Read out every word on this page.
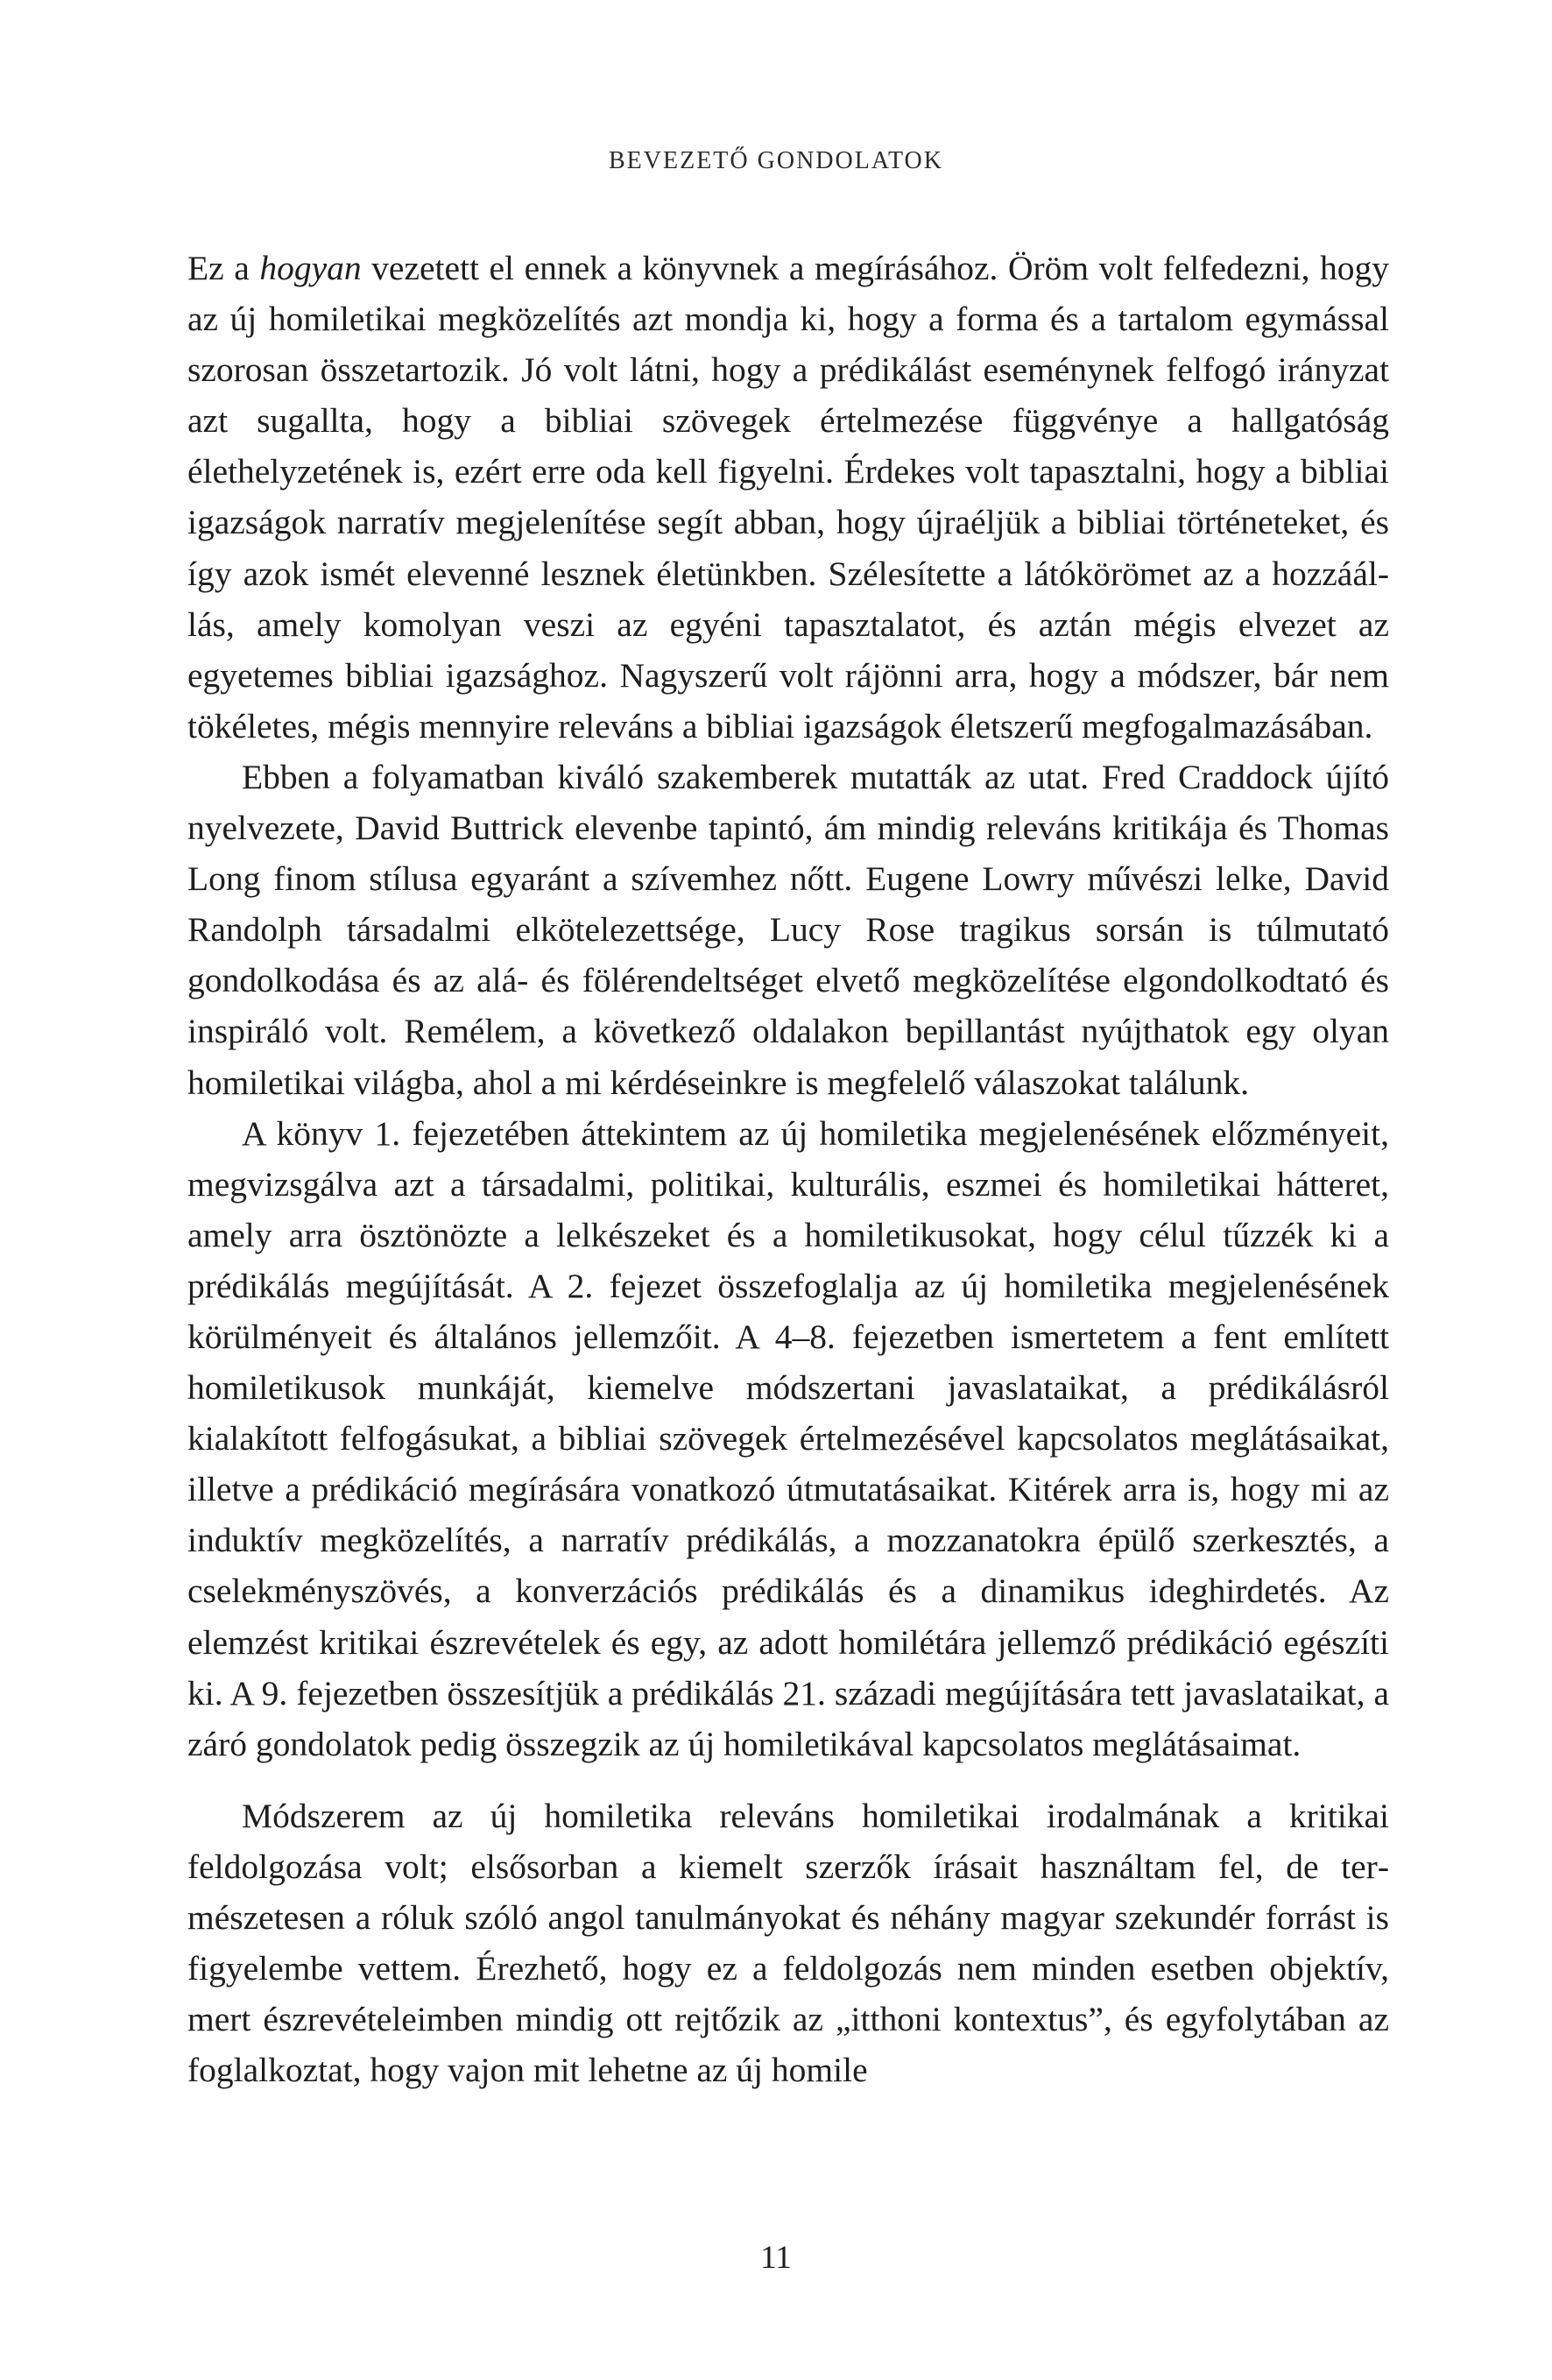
BEVEZETŐ GONDOLATOK

Ez a hogyan vezetett el ennek a könyvnek a megírásához. Öröm volt felfedezni, hogy az új homiletikai megközelítés azt mondja ki, hogy a forma és a tartalom egymással szorosan összetartozik. Jó volt látni, hogy a prédikálást eseménynek felfogó irányzat azt sugallta, hogy a bibliai szövegek értelmezése függvénye a hallgatóság élethelyzetének is, ezért erre oda kell figyelni. Érdekes volt tapasztalni, hogy a bibliai igazságok narratív megjelenítése segít abban, hogy újraéljük a bibliai történeteket, és így azok ismét elevenné lesznek életünkben. Szélesítette a látókörömet az a hozzáállás, amely komolyan veszi az egyéni tapasztalatot, és aztán mégis elvezet az egyetemes bibliai igazsághoz. Nagyszerű volt rájönni arra, hogy a módszer, bár nem tökéletes, mégis mennyire releváns a bibliai igazságok életszerű megfogalmazásában.

Ebben a folyamatban kiváló szakemberek mutatták az utat. Fred Craddock újító nyelvezete, David Buttrick elevenbe tapintó, ám mindig releváns kritikája és Thomas Long finom stílusa egyaránt a szívemhez nőtt. Eugene Lowry művészi lelke, David Randolph társadalmi elkötelezettsége, Lucy Rose tragikus sorsán is túlmutató gondolkodása és az alá- és fölérendeltséget elvető megközelítése elgondolkodtató és inspiráló volt. Remélem, a következő oldalakon bepillantást nyújthatok egy olyan homiletikai világba, ahol a mi kérdéseinkre is megfelelő válaszokat találunk.

A könyv 1. fejezetében áttekintem az új homiletika megjelenésének előzményeit, megvizsgálva azt a társadalmi, politikai, kulturális, eszmei és homiletikai hátteret, amely arra ösztönözte a lelkészeket és a homiletikusokat, hogy célul tűzzék ki a prédikálás megújítását. A 2. fejezet összefoglalja az új homiletika megjelenésének körülményeit és általános jellemzőit. A 4–8. fejezetben ismertetem a fent említett homiletikusok munkáját, kiemelve módszertani javaslataikat, a prédikálásról kialakított felfogásukat, a bibliai szövegek értelmezésével kapcsolatos meglátásaikat, illetve a prédikáció megírására vonatkozó útmutatásaikat. Kitérek arra is, hogy mi az induktív megközelítés, a narratív prédikálás, a mozzanatokra épülő szerkesztés, a cselekményszövés, a konverzációs prédikálás és a dinamikus ideghirdetés. Az elemzést kritikai észrevételek és egy, az adott homilétára jellemző prédikáció egészíti ki. A 9. fejezetben összesítjük a prédikálás 21. századi megújítására tett javaslataikat, a záró gondolatok pedig összegzik az új homiletikával kapcsolatos meglátásaimat.

Módszerem az új homiletika releváns homiletikai irodalmának a kritikai feldolgozása volt; elsősorban a kiemelt szerzők írásait használtam fel, de természetesen a róluk szóló angol tanulmányokat és néhány magyar szekundér forrást is figyelembe vettem. Érezhető, hogy ez a feldolgozás nem minden esetben objektív, mert észrevételeimben mindig ott rejtőzik az „itthoni kontextus”, és egyfolytában az foglalkoztat, hogy vajon mit lehetne az új homile

11
